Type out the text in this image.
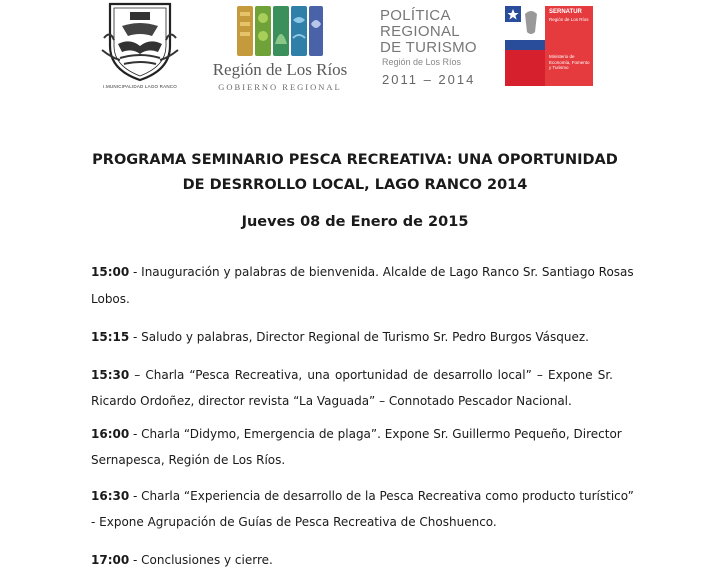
I.MUNICIPALIDAD LAGO RANCO
Región de Los Ríos
GOBIERNO REGIONAL
POLÍTICA
REGIONAL
DE TURISMO
Región de Los Ríos
2011 – 2014
SERNATUR
Región de Los Ríos
Ministerio de Economía, Fomento y Turismo
PROGRAMA SEMINARIO PESCA RECREATIVA: UNA OPORTUNIDAD
DE DESRROLLO LOCAL, LAGO RANCO 2014
Jueves 08 de Enero de 2015
15:00 - Inauguración y palabras de bienvenida. Alcalde de Lago Ranco Sr. Santiago Rosas
Lobos.
15:15 - Saludo y palabras, Director Regional de Turismo Sr. Pedro Burgos Vásquez.
15:30 – Charla “Pesca Recreativa, una oportunidad de desarrollo local” – Expone Sr.
Ricardo Ordoñez, director revista “La Vaguada” – Connotado Pescador Nacional.
16:00 - Charla “Didymo, Emergencia de plaga”. Expone Sr. Guillermo Pequeño, Director
Sernapesca, Región de Los Ríos.
16:30 - Charla “Experiencia de desarrollo de la Pesca Recreativa como producto turístico”
- Expone Agrupación de Guías de Pesca Recreativa de Choshuenco.
17:00 - Conclusiones y cierre.
